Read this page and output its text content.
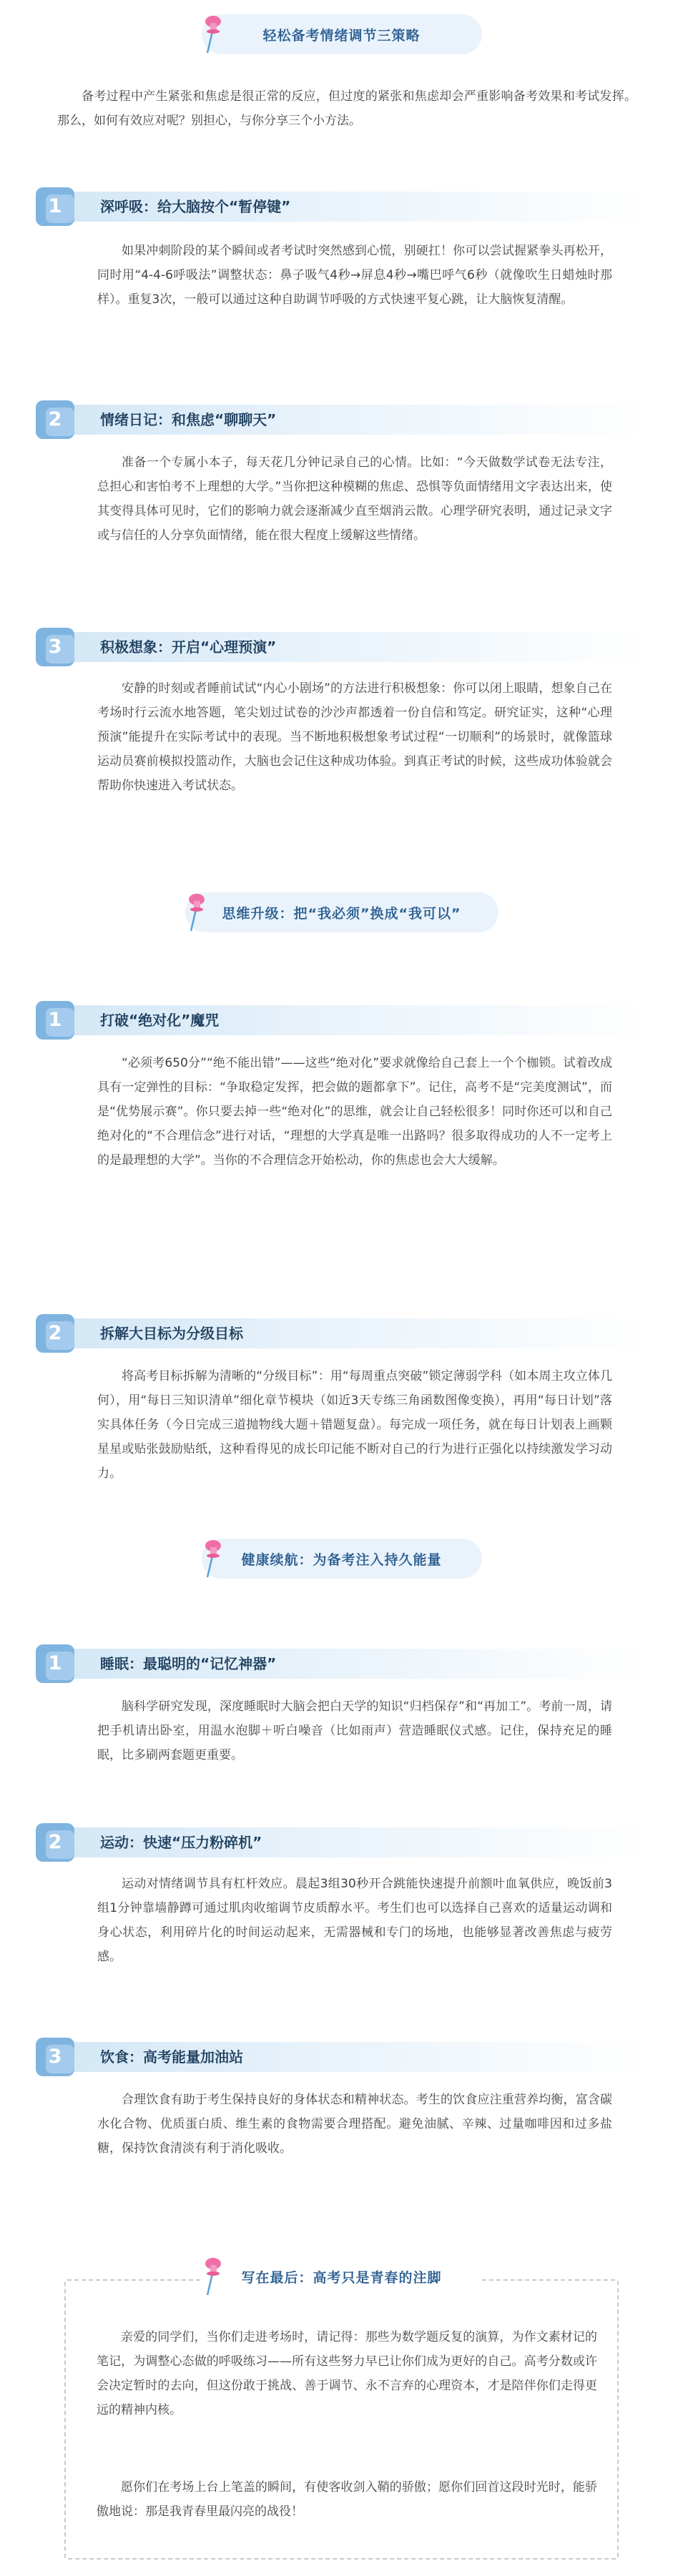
轻松备考情绪调节三策略

备考过程中产生紧张和焦虑是很正常的反应，但过度的紧张和焦虑却会严重影响备考效果和考试发挥。那么，如何有效应对呢？别担心，与你分享三个小方法。

1	深呼吸：给大脑按个“暂停键”

如果冲刺阶段的某个瞬间或者考试时突然感到心慌，别硬扛！你可以尝试握紧拳头再松开，同时用“4-4-6呼吸法”调整状态：鼻子吸气4秒→屏息4秒→嘴巴呼气6秒（就像吹生日蜡烛时那样）。重复3次，一般可以通过这种自助调节呼吸的方式快速平复心跳，让大脑恢复清醒。

2	情绪日记：和焦虑“聊聊天”

准备一个专属小本子，每天花几分钟记录自己的心情。比如：“今天做数学试卷无法专注，总担心和害怕考不上理想的大学。”当你把这种模糊的焦虑、恐惧等负面情绪用文字表达出来，使其变得具体可见时，它们的影响力就会逐渐减少直至烟消云散。心理学研究表明，通过记录文字或与信任的人分享负面情绪，能在很大程度上缓解这些情绪。

3	积极想象：开启“心理预演”

安静的时刻或者睡前试试“内心小剧场”的方法进行积极想象：你可以闭上眼睛，想象自己在考场时行云流水地答题，笔尖划过试卷的沙沙声都透着一份自信和笃定。研究证实，这种“心理预演”能提升在实际考试中的表现。当不断地积极想象考试过程“一切顺利”的场景时，就像篮球运动员赛前模拟投篮动作，大脑也会记住这种成功体验。到真正考试的时候，这些成功体验就会帮助你快速进入考试状态。

思维升级：把“我必须”换成“我可以”
1	打破“绝对化”魔咒

“必须考650分”“绝不能出错”——这些“绝对化”要求就像给自己套上一个个枷锁。试着改成具有一定弹性的目标：“争取稳定发挥，把会做的题都拿下”。记住，高考不是“完美度测试”，而是“优势展示赛”。你只要去掉一些“绝对化”的思维，就会让自己轻松很多！同时你还可以和自己绝对化的“不合理信念”进行对话，“理想的大学真是唯一出路吗？很多取得成功的人不一定考上的是最理想的大学”。当你的不合理信念开始松动，你的焦虑也会大大缓解。

2	拆解大目标为分级目标

将高考目标拆解为清晰的“分级目标”：用“每周重点突破”锁定薄弱学科（如本周主攻立体几何），用“每日三知识清单”细化章节模块（如近3天专练三角函数图像变换），再用“每日计划”落实具体任务（今日完成三道抛物线大题＋错题复盘）。每完成一项任务，就在每日计划表上画颗星星或贴张鼓励贴纸，这种看得见的成长印记能不断对自己的行为进行正强化以持续激发学习动力。

健康续航：为备考注入持久能量
1	睡眠：最聪明的“记忆神器”

脑科学研究发现，深度睡眠时大脑会把白天学的知识“归档保存”和“再加工”。考前一周，请把手机请出卧室，用温水泡脚＋听白噪音（比如雨声）营造睡眠仪式感。记住，保持充足的睡眠，比多刷两套题更重要。

2	运动：快速“压力粉碎机”

运动对情绪调节具有杠杆效应。晨起3组30秒开合跳能快速提升前额叶血氧供应，晚饭前3组1分钟靠墙静蹲可通过肌肉收缩调节皮质醇水平。考生们也可以选择自己喜欢的适量运动调和身心状态，利用碎片化的时间运动起来，无需器械和专门的场地，也能够显著改善焦虑与疲劳感。

3	饮食：高考能量加油站

合理饮食有助于考生保持良好的身体状态和精神状态。考生的饮食应注重营养均衡，富含碳水化合物、优质蛋白质、维生素的食物需要合理搭配。避免油腻、辛辣、过量咖啡因和过多盐糖，保持饮食清淡有利于消化吸收。

写在最后：高考只是青春的注脚

亲爱的同学们，当你们走进考场时，请记得：那些为数学题反复的演算，为作文素材记的笔记，为调整心态做的呼吸练习——所有这些努力早已让你们成为更好的自己。高考分数或许会决定暂时的去向，但这份敢于挑战、善于调节、永不言弃的心理资本，才是陪伴你们走得更远的精神内核。

愿你们在考场上台上笔盖的瞬间，有使客收剑入鞘的骄傲；愿你们回首这段时光时，能骄傲地说：那是我青春里最闪亮的战役！
